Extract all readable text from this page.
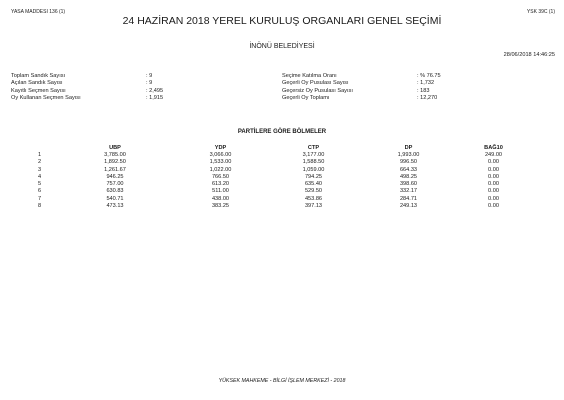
YASA MADDESI 136 (1)	YSK 39C (1)
24 HAZİRAN 2018 YEREL KURULUŞ ORGANLARI GENEL SEÇİMİ
İNÖNÜ BELEDİYESİ
28/06/2018 14:46:25
Toplam Sandık Sayısı	: 9
Açılan Sandık Sayısı	: 9
Kayıtlı Seçmen Sayısı	: 2,495
Oy Kullanan Seçmen Sayısı	: 1,915
Seçime Katılma Oranı	: % 76.75
Geçerli Oy Pusulası Sayısı	: 1,732
Geçersiz Oy Pusulası Sayısı	: 183
Geçerli Oy Toplamı	: 12,270
PARTİLERE GÖRE BÖLMELER
	UBP	YDP	CTP	DP	BAĞ10
1	3,785.00	3,066.00	3,177.00	1,993.00	249.00
2	1,892.50	1,533.00	1,588.50	996.50	0.00
3	1,261.67	1,022.00	1,059.00	664.33	0.00
4	946.25	766.50	794.25	498.25	0.00
5	757.00	613.20	635.40	398.60	0.00
6	630.83	511.00	529.50	332.17	0.00
7	540.71	438.00	453.86	284.71	0.00
8	473.13	383.25	397.13	249.13	0.00
YÜKSEK MAHKEME - BİLGİ İŞLEM MERKEZİ - 2018
